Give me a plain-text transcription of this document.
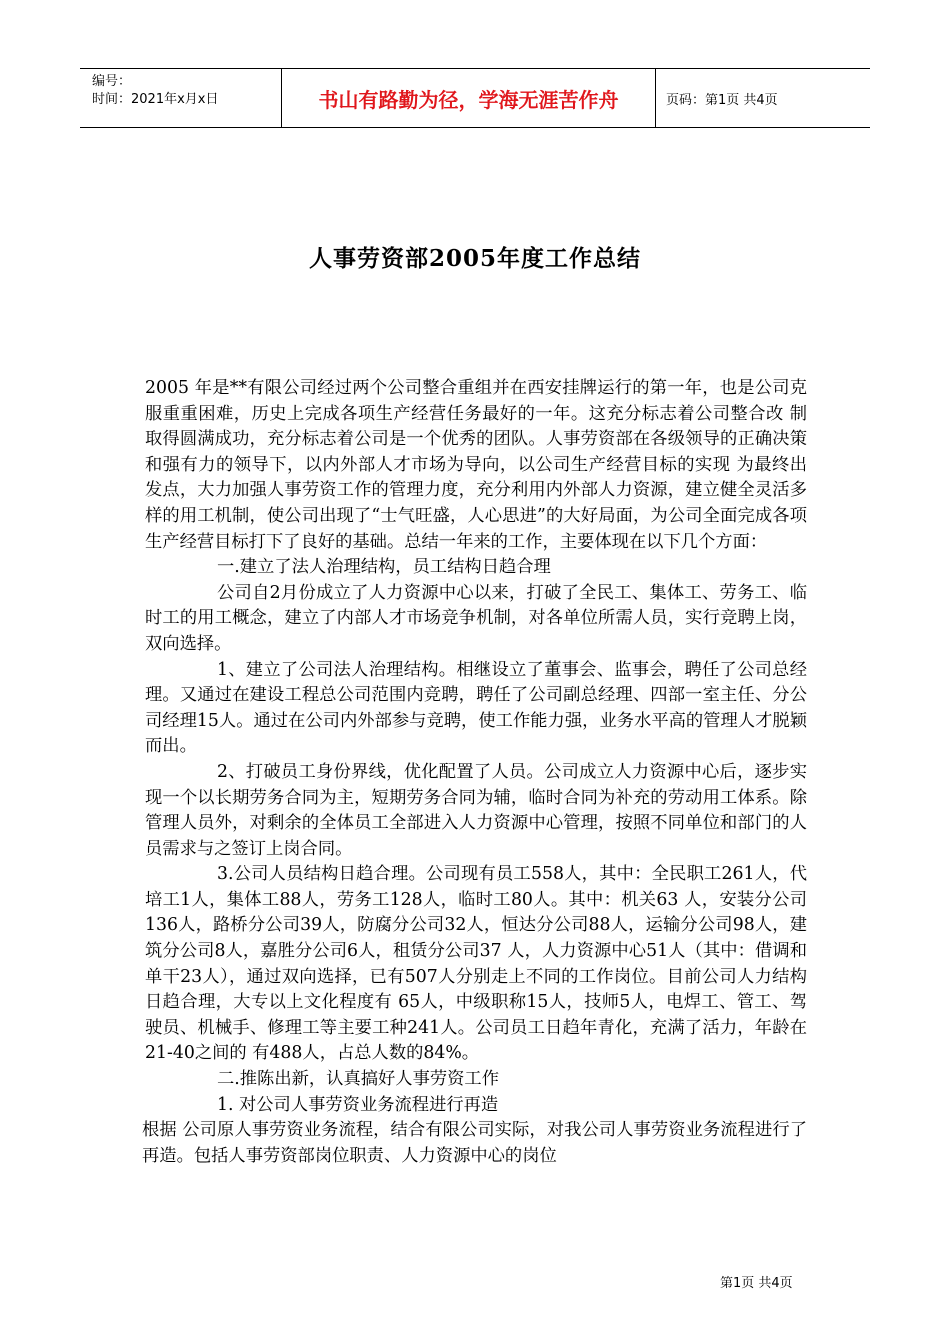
编号：
时间：2021年x月x日	书山有路勤为径，学海无涯苦作舟	页码：第1页 共4页
人事劳资部2005年度工作总结

2005 年是**有限公司经过两个公司整合重组并在西安挂牌运行的第一年，也是公司克服重重困难，历史上完成各项生产经营任务最好的一年。这充分标志着公司整合改 制取得圆满成功，充分标志着公司是一个优秀的团队。人事劳资部在各级领导的正确决策和强有力的领导下，以内外部人才市场为导向，以公司生产经营目标的实现 为最终出发点，大力加强人事劳资工作的管理力度，充分利用内外部人力资源，建立健全灵活多样的用工机制，使公司出现了“士气旺盛，人心思进”的大好局面，为公司全面完成各项生产经营目标打下了良好的基础。总结一年来的工作，主要体现在以下几个方面：

一.建立了法人治理结构，员工结构日趋合理

公司自2月份成立了人力资源中心以来，打破了全民工、集体工、劳务工、临时工的用工概念，建立了内部人才市场竞争机制，对各单位所需人员，实行竞聘上岗，双向选择。

1、建立了公司法人治理结构。相继设立了董事会、监事会，聘任了公司总经理。又通过在建设工程总公司范围内竞聘，聘任了公司副总经理、四部一室主任、分公司经理15人。通过在公司内外部参与竞聘，使工作能力强，业务水平高的管理人才脱颖而出。

2、打破员工身份界线，优化配置了人员。公司成立人力资源中心后，逐步实现一个以长期劳务合同为主，短期劳务合同为辅，临时合同为补充的劳动用工体系。除管理人员外，对剩余的全体员工全部进入人力资源中心管理，按照不同单位和部门的人员需求与之签订上岗合同。

3.公司人员结构日趋合理。公司现有员工558人，其中：全民职工261人，代培工1人，集体工88人，劳务工128人，临时工80人。其中：机关63 人，安装分公司136人，路桥分公司39人，防腐分公司32人，恒达分公司88人，运输分公司98人，建筑分公司8人，嘉胜分公司6人，租赁分公司37 人，人力资源中心51人（其中：借调和单干23人），通过双向选择，已有507人分别走上不同的工作岗位。目前公司人力结构日趋合理，大专以上文化程度有 65人，中级职称15人，技师5人，电焊工、管工、驾驶员、机械手、修理工等主要工种241人。公司员工日趋年青化，充满了活力，年龄在21-40之间的 有488人，占总人数的84%。

二.推陈出新，认真搞好人事劳资工作

1. 对公司人事劳资业务流程进行再造

根据 公司原人事劳资业务流程，结合有限公司实际，对我公司人事劳资业务流程进行了再造。包括人事劳资部岗位职责、人力资源中心的岗位

第1页 共4页
